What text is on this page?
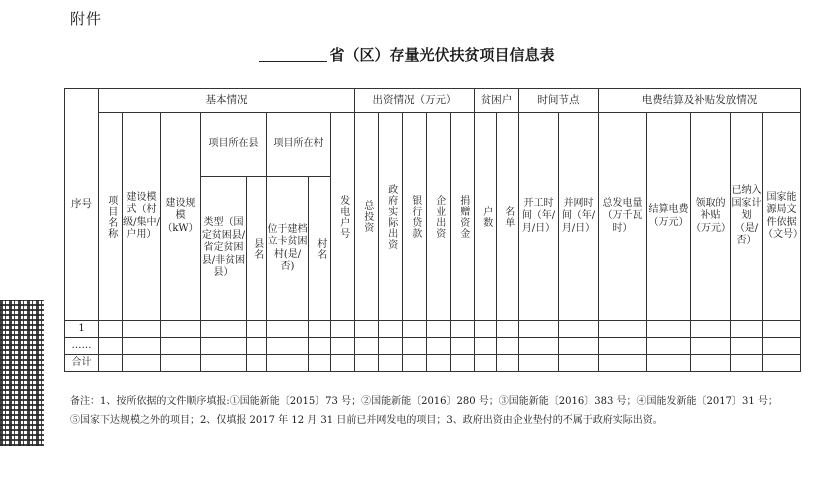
附件
省（区）存量光伏扶贫项目信息表
序号	基本情况								出资情况（万元）					贫困户		时间节点		电费结算及补贴发放情况				

	项目名称	建设模式（村级/集中/户用）	建设规模（kW）	项目所在县		项目所在村		发电户号	总投资	政府实际出资	银行贷款	企业出资	捐赠资金	户数	名单	开工时间（年/月/日）	并网时间（年/月/日）	总发电量（万千瓦时）	结算电费（万元）	领取的补贴（万元）	已纳入国家计划（是/否）	国家能源局文件依据（文号）
				类型（国定贫困县/省定贫困县/非贫困县）	县名	位于建档立卡贫困村(是/否)	村名															

1																						
……																						
合计																						
备注：1、按所依据的文件顺序填报:①国能新能〔2015〕73 号；②国能新能〔2016〕280 号；③国能新能〔2016〕383 号；④国能发新能〔2017〕31 号；
⑤国家下达规模之外的项目；2、仅填报 2017 年 12 月 31 日前已并网发电的项目；3、政府出资由企业垫付的不属于政府实际出资。
